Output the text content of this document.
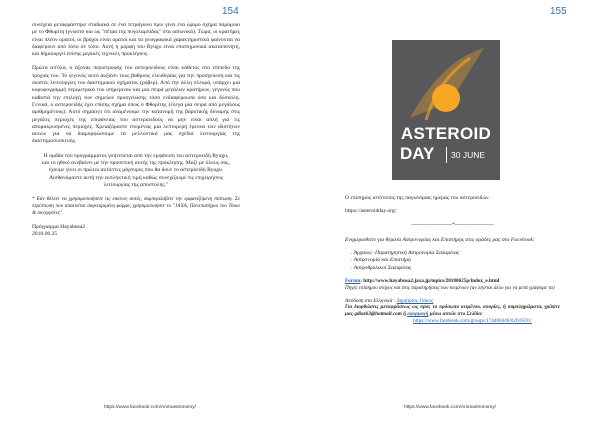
154

συνέχεια μεταφράστηκε σταδιακά σε ένα τετράγωνο πριν γίνει ένα ώριμο σχήμα παρόμοιο με το Φθορίτη (γνωστό και ως "πέτρα της πυγολαμπίδας" στα ιαπωνικά). Τώρα, οι κρατήρες είναι πλέον ορατοί, οι βράχοι είναι ορατοί και τα γεωγραφικά χαρακτηριστικά φαίνονται να διαφέρουν από τόπο σε τόπο. Αυτή η μορφή του Ryugu είναι επιστημονικά ακαταπόνητη, και δημιουργεί επίσης μερικές τεχνικές προκλήσεις.

Πρώτα απ'όλα, ο άξονας περιστροφής του αστεροειδούς είναι κάθετος στο επίπεδο της τροχιάς του. Το γεγονός αυτό αυξάνει τους βαθμούς ελευθερίας για την προσγείωση και τις σωστές λειτουργίες του διαστημικού σχήματος (ρόβερ). Από την άλλη πλευρά, υπάρχει μια κορυφογραμμή περιμετρικά του ισημερινού και μια σειρά μεγάλων κρατήρων, γεγονός που καθιστά την επιλογή των σημείων προσγείωσης τόσο ενδιαφέρουσα όσο και δύσκολη. Γενικά, ο αστεροειδής έχει επίσης σχήμα όπως ο Φθορίτης (έλεγα μία σειρά από μεγάλους αριθμημένους). Αυτό σημαίνει ότι αναμένουμε την κατανομή της βαρυτικής δύναμης στις μεγάλες περιοχές της επιφάνειας του αστεροειδούς να μην είναι απλή για τις απομακρυσμένες περιοχές. Χρειαζόμαστε επομένως μια λεπτομερή έρευνα των ιδιοτήτων αυτών για να διαμορφώσουμε τα μελλοντικά μας σχέδια λειτουργίας της διαστημοσυσκευής.

Η ομάδα του προγράμματος γοητεύεται από την εμφάνιση του αστεροειδή Ryugu, και το ηθικό ανεβαίνει με την προοπτική αυτής της πρόκλησης. Μαζί με όλους σας, έχουμε γίνει οι πρώτοι αυτόπτες μάρτυρες που θα δουν το αστεροειδή Ryugu. Αισθανόμαστε αυτή την εκπληκτική τιμή καθώς συνεχίζουμε τις επιχειρήσεις λειτουργίας της αποστολής."

* Εάν θέλετε να χρησιμοποιήσετε τις εικόνες αυτές, συμπεριλάβετε την εμφανιζόμενη πίστωση. Σε περίπτωση που απαιτείται συγκεκριμένη φόρμα, χρησιμοποιήστε το "JAXA, Πανεπιστήμιο του Τόκιο & συνεργάτες".

Πρόγραμμα Hayabusa2
2018.06.25
https://www.facebook.com/Arxtoastronomy/
155
ASTEROID
DAY 30 JUNE
Ο επίσημος ιστότοπος της παγκόσμιας ημέρας του αστεροειδών.
https://asteroidday.org/
----------------------*---------------------
Ενημερωθείτε για θέματα Αστρονομίας και Επιστήμης στις ομάδες μας στο Facebook:
. Άρχαιος- Παρατηρητική Αστρονομία Σαλαμίνας
. Αστρονομία και Επιστήμη
. Αστροθρυλικοί Σαλαμίνας
Forum: http://www.hayabusa2.jaxa.jp/topics/20180625p/index_e.html
Πηγές επίσημου στόχος και στις παρατηρήσεις των κειμένων (αν λέγεται άλλο για να μετά γράψαμε τα)
Απόδοση στα Ελληνικά : Δημήτριος Γιάκος
Για διορθώσεις μεταφράσεως ως προς το πρόσωπο κειμένου, απορίες, ή συμπληρώματα, γράψτε μας gdiaz63@hotmail.com ή εφαρμογή μέσω αυτών στο Σελίδα:
https://www.facebook.com/groups/174400446/026/9591/
https://www.facebook.com/Arxtoastronomy/
